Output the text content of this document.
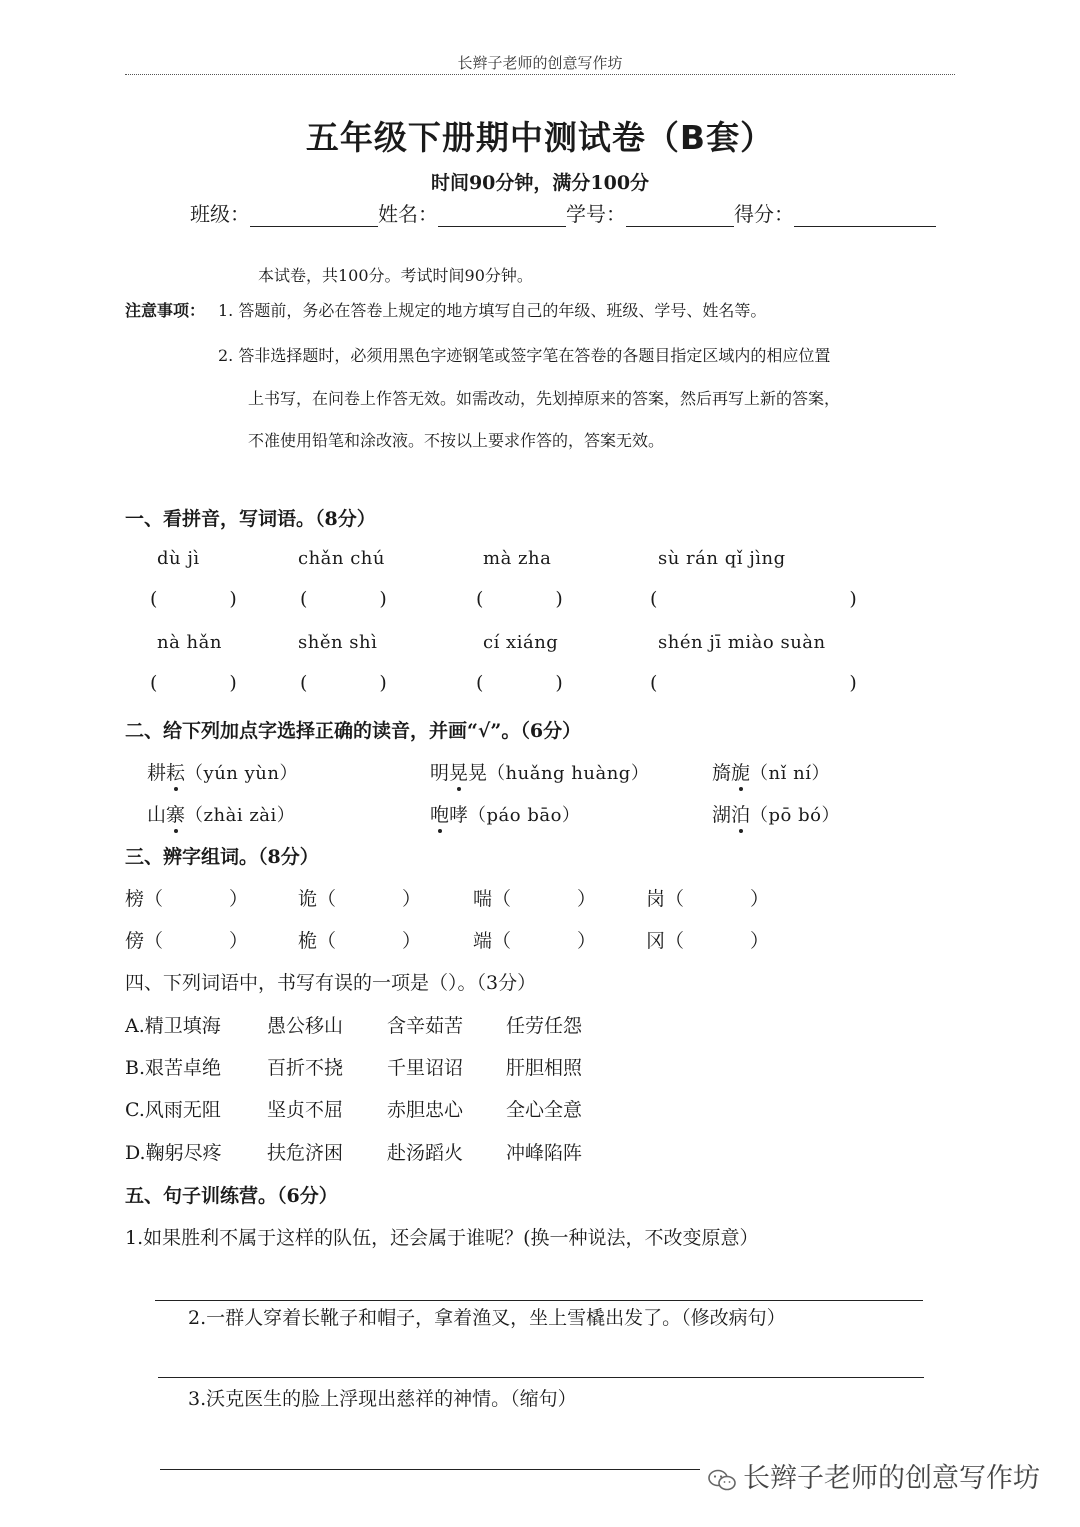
长辫子老师的创意写作坊
五年级下册期中测试卷（B套）
时间90分钟，满分100分
班级：	姓名：	学号：	得分：
本试卷，共100分。考试时间90分钟。
注意事项： 1. 答题前，务必在答卷上规定的地方填写自己的年级、班级、学号、姓名等。
2. 答非选择题时，必须用黑色字迹钢笔或签字笔在答卷的各题目指定区域内的相应位置
上书写，在问卷上作答无效。如需改动，先划掉原来的答案，然后再写上新的答案，
不准使用铅笔和涂改液。不按以上要求作答的，答案无效。
一、看拼音，写词语。（8分）
dù jì	chǎn chú	mà zha	sù rán qǐ jìng
(	)	(	)	(	)	(	)
nà hǎn	shěn shì	cí xiáng	shén jī miào suàn
(	)	(	)	(	)	(	)
二、给下列加点字选择正确的读音，并画“√”。（6分）
耕耘（yún yùn）	明晃晃（huǎng huàng）	旖旎（nǐ ní）
山寨（zhài zài）	咆哮（páo bāo）	湖泊（pō bó）
三、辨字组词。（8分）
榜（	）	诡（	）	喘（	）	岗（	）
傍（	）	桅（	）	端（	）	冈（	）
四、下列词语中，书写有误的一项是（）。（3分）
A.精卫填海 愚公移山 含辛茹苦 任劳任怨
B.艰苦卓绝 百折不挠 千里诏诏 肝胆相照
C.风雨无阻 坚贞不屈 赤胆忠心 全心全意
D.鞠躬尽疼 扶危济困 赴汤蹈火 冲峰陷阵
五、句子训练营。（6分）
1.如果胜利不属于这样的队伍，还会属于谁呢？(换一种说法，不改变原意）
2.一群人穿着长靴子和帽子，拿着渔叉，坐上雪橇出发了。（修改病句）
3.沃克医生的脸上浮现出慈祥的神情。（缩句）
长辫子老师的创意写作坊
